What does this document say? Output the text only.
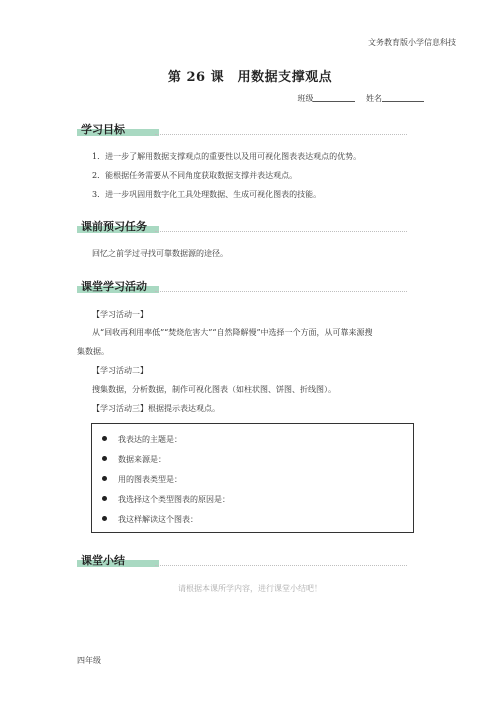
文务教育版小学信息科技
第 26 课　用数据支撑观点
班级	姓名
学习目标
1．进一步了解用数据支撑观点的重要性以及用可视化图表表达观点的优势。
2．能根据任务需要从不同角度获取数据支撑并表达观点。
3．进一步巩固用数字化工具处理数据、生成可视化图表的技能。
课前预习任务
回忆之前学过寻找可靠数据源的途径。
课堂学习活动
【学习活动一】
从“回收再利用率低”“焚烧危害大”“自然降解慢”中选择一个方面，从可靠来源搜
集数据。
【学习活动二】
搜集数据，分析数据，制作可视化图表（如柱状图、饼图、折线图）。
【学习活动三】根据提示表达观点。
我表达的主题是：
数据来源是：
用的图表类型是：
我选择这个类型图表的原因是：
我这样解读这个图表：
课堂小结
请根据本课所学内容，进行课堂小结吧！
四年级
